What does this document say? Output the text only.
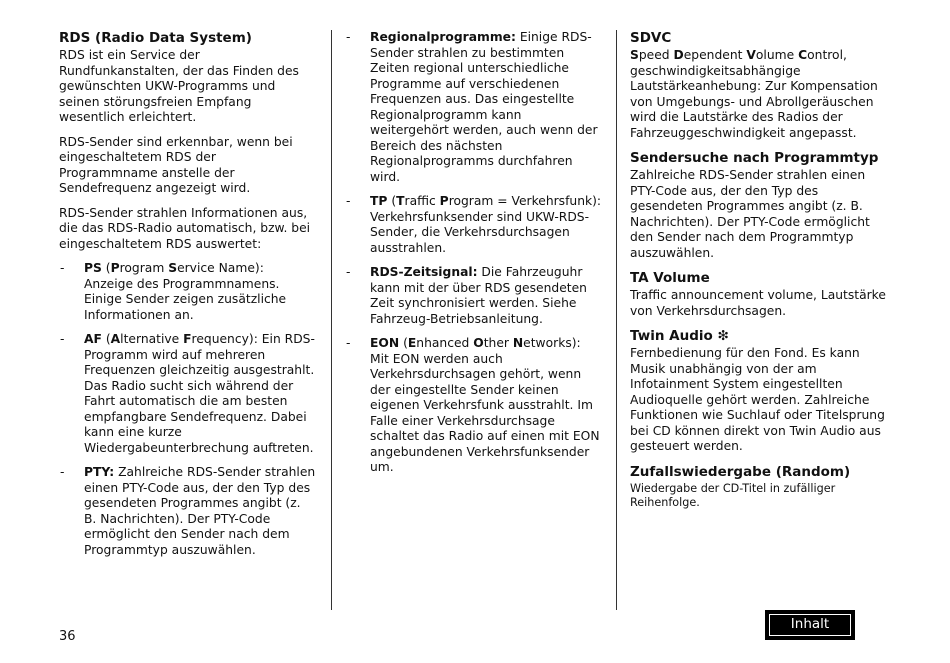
RDS (Radio Data System)

RDS ist ein Service der Rundfunkanstalten, der das Finden des gewünschten UKW-Programms und seinen störungsfreien Empfang wesentlich erleichtert.

RDS-Sender sind erkennbar, wenn bei eingeschaltetem RDS der Programmname anstelle der Sendefrequenz angezeigt wird.

RDS-Sender strahlen Informationen aus, die das RDS-Radio automatisch, bzw. bei eingeschaltetem RDS auswertet:

- PS (Program Service Name): Anzeige des Programmnamens. Einige Sender zeigen zusätzliche Informationen an.
- AF (Alternative Frequency): Ein RDS-Programm wird auf mehreren Frequenzen gleichzeitig ausgestrahlt. Das Radio sucht sich während der Fahrt automatisch die am besten empfangbare Sendefrequenz. Dabei kann eine kurze Wiedergabeunterbrechung auftreten.
- PTY: Zahlreiche RDS-Sender strahlen einen PTY-Code aus, der den Typ des gesendeten Programmes angibt (z. B. Nachrichten). Der PTY-Code ermöglicht den Sender nach dem Programmtyp auszuwählen.
- Regionalprogramme: Einige RDS-Sender strahlen zu bestimmten Zeiten regional unterschiedliche Programme auf verschiedenen Frequenzen aus. Das eingestellte Regionalprogramm kann weitergehört werden, auch wenn der Bereich des nächsten Regionalprogramms durchfahren wird.
- TP (Traffic Program = Verkehrsfunk): Verkehrsfunksender sind UKW-RDS-Sender, die Verkehrsdurchsagen ausstrahlen.
- RDS-Zeitsignal: Die Fahrzeuguhr kann mit der über RDS gesendeten Zeit synchronisiert werden. Siehe Fahrzeug-Betriebsanleitung.
- EON (Enhanced Other Networks): Mit EON werden auch Verkehrsdurchsagen gehört, wenn der eingestellte Sender keinen eigenen Verkehrsfunk ausstrahlt. Im Falle einer Verkehrsdurchsage schaltet das Radio auf einen mit EON angebundenen Verkehrsfunksender um.
SDVC

Speed Dependent Volume Control, geschwindigkeitsabhängige Lautstärkeanhebung: Zur Kompensation von Umgebungs- und Abrollgeräuschen wird die Lautstärke des Radios der Fahrzeuggeschwindigkeit angepasst.

Sendersuche nach Programmtyp

Zahlreiche RDS-Sender strahlen einen PTY-Code aus, der den Typ des gesendeten Programmes angibt (z. B. Nachrichten). Der PTY-Code ermöglicht den Sender nach dem Programmtyp auszuwählen.

TA Volume

Traffic announcement volume, Lautstärke von Verkehrsdurchsagen.

Twin Audio ❇

Fernbedienung für den Fond. Es kann Musik unabhängig von der am Infotainment System eingestellten Audioquelle gehört werden. Zahlreiche Funktionen wie Suchlauf oder Titelsprung bei CD können direkt von Twin Audio aus gesteuert werden.

Zufallswiedergabe (Random)

Wiedergabe der CD-Titel in zufälliger Reihenfolge.

36
Inhalt
